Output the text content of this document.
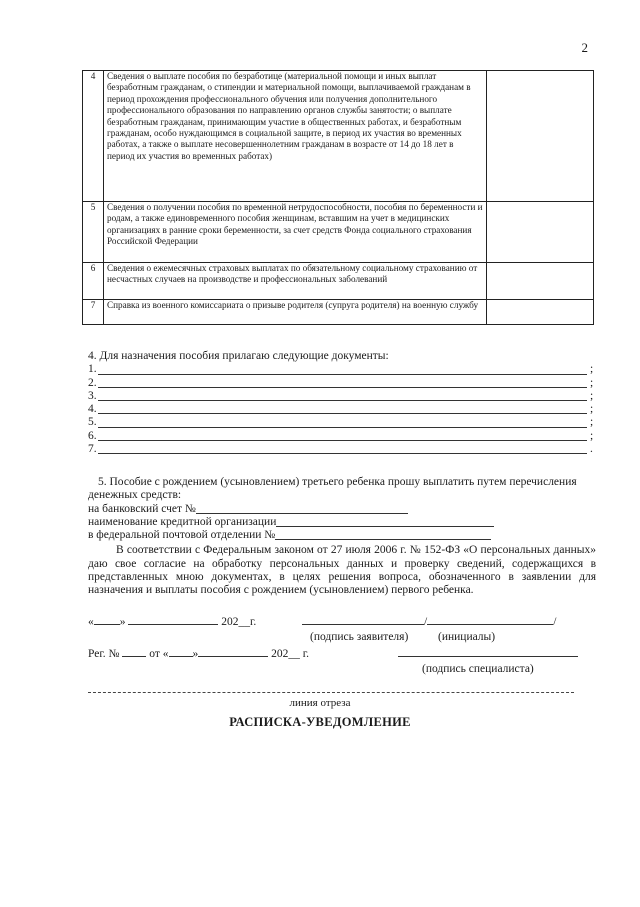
2
4	Сведения о выплате пособия по безработице (материальной помощи и иных выплат безработным гражданам, о стипендии и материальной помощи, выплачиваемой гражданам в период прохождения профессионального обучения или получения дополнительного профессионального образования по направлению органов службы занятости; о выплате безработным гражданам, принимающим участие в общественных работах, и безработным гражданам, особо нуждающимся в социальной защите, в период их участия во временных работах, а также о выплате несовершеннолетним гражданам в возрасте от 14 до 18 лет в период их участия во временных работах)	
5	Сведения о получении пособия по временной нетрудоспособности, пособия по беременности и родам, а также единовременного пособия женщинам, вставшим на учет в медицинских организациях в ранние сроки беременности, за счет средств Фонда социального страхования Российской Федерации	
6	Сведения о ежемесячных страховых выплатах по обязательному социальному страхованию от несчастных случаев на производстве и профессиональных заболеваний	
7	Справка из военного комиссариата о призыве родителя (супруга родителя) на военную службу	
4. Для назначения пособия прилагаю следующие документы:
1.	;
2.	;
3.	;
4.	;
5.	;
6.	;
7.	.

5. Пособие с рождением (усыновлением) третьего ребенка прошу выплатить путем перечисления денежных средств:

на банковский счет №
наименование кредитной организации
в федеральной почтовой отделении №

В соответствии с Федеральным законом от 27 июля 2006 г. № 152-ФЗ «О персональных данных» даю свое согласие на обработку персональных данных и проверку сведений, содержащихся в представленных мною документах, в целях решения вопроса, обозначенного в заявлении для назначения и выплаты пособия с рождением (усыновлением) первого ребенка.

« »	202__г.	/	/
(подпись заявителя)	(инициалы)
Рег. №	от « »	202__ г.
(подпись специалиста)
линия отреза
РАСПИСКА-УВЕДОМЛЕНИЕ
